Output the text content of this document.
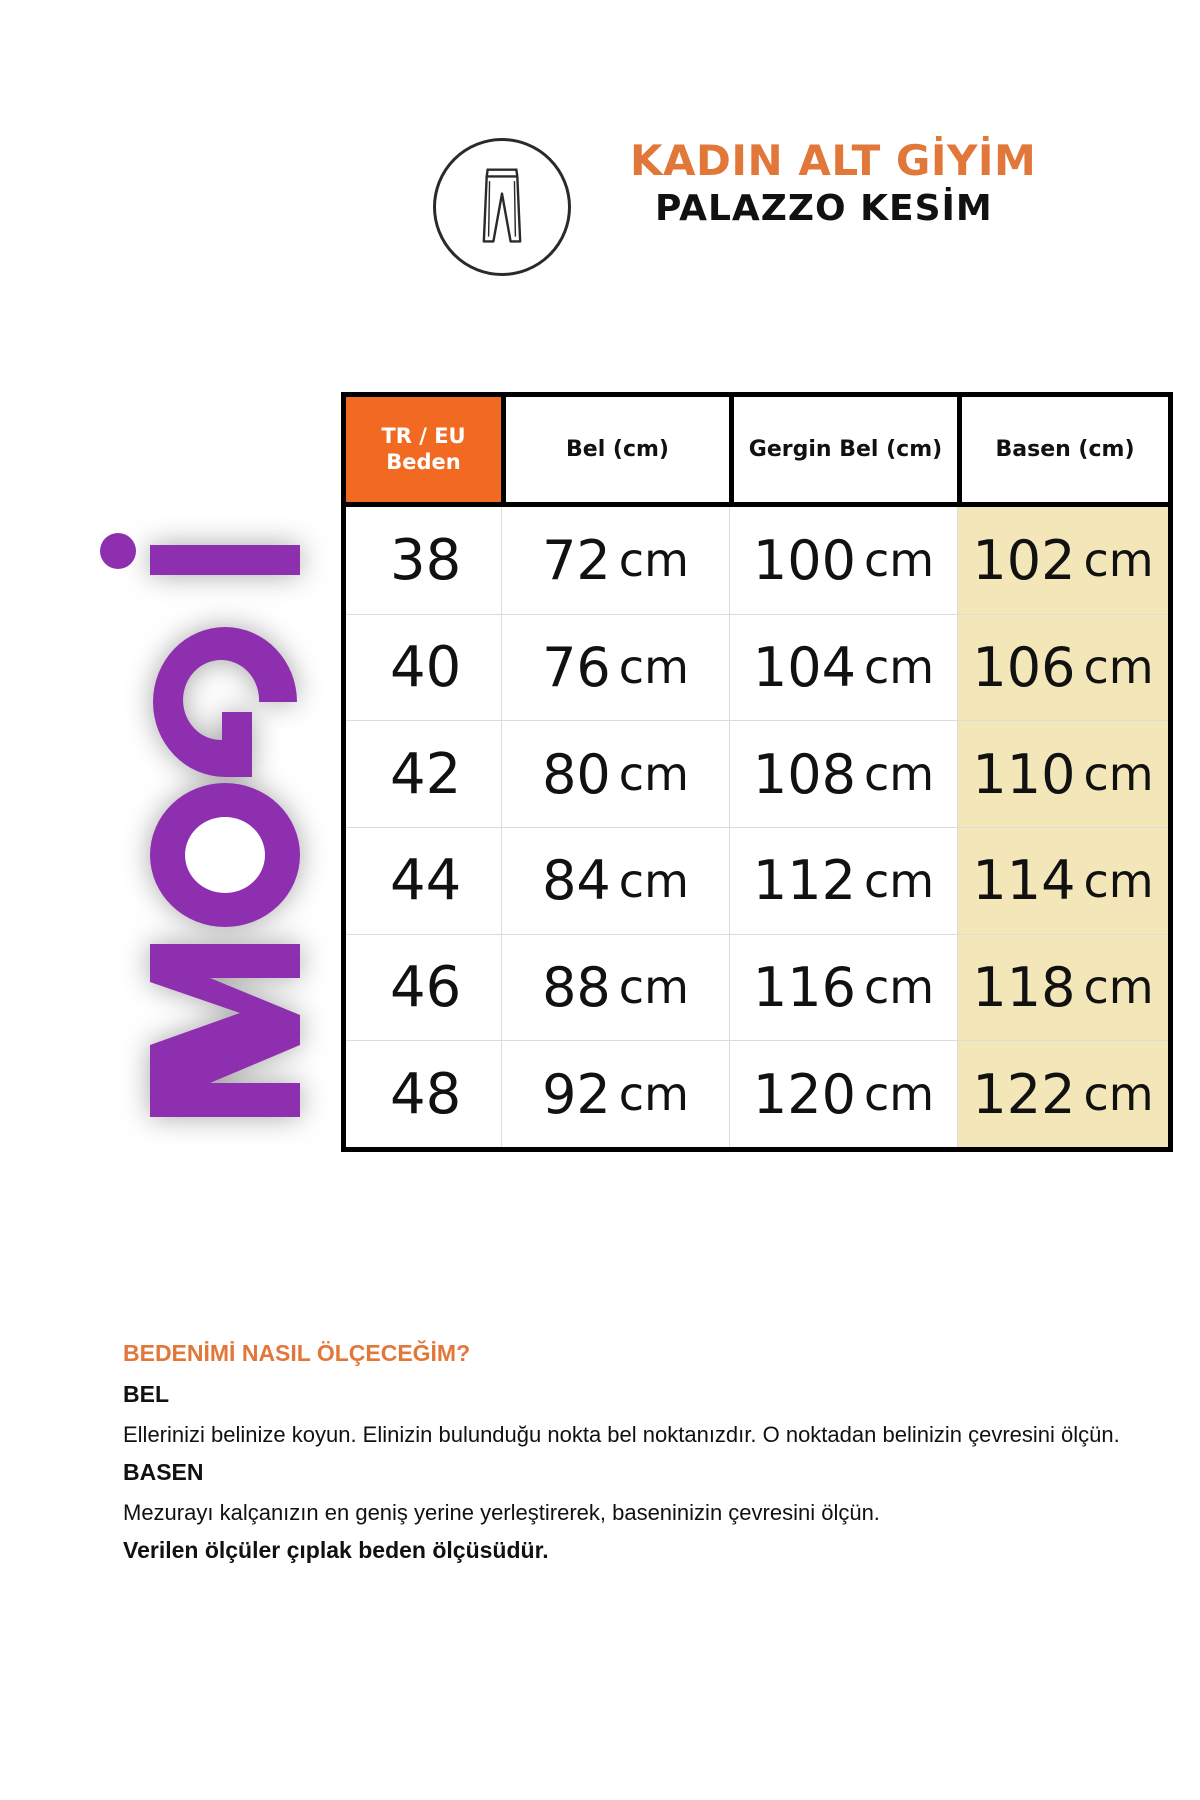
KADIN ALT GİYİM
PALAZZO KESİM
TR / EU
Beden	Bel (cm)	Gergin Bel (cm)	Basen (cm)
38	72 cm 100 cm 102 cm
40	76 cm 104 cm 106 cm
42	80 cm 108 cm 110 cm
44	84 cm 112 cm 114 cm
46	88 cm 116 cm 118 cm
48	92 cm 120 cm 122 cm
BEDENİMİ NASIL ÖLÇECEĞİM?
BEL

Ellerinizi belinize koyun. Elinizin bulunduğu nokta bel noktanızdır. O noktadan belinizin çevresini ölçün.

BASEN

Mezurayı kalçanızın en geniş yerine yerleştirerek, baseninizin çevresini ölçün.

Verilen ölçüler çıplak beden ölçüsüdür.
